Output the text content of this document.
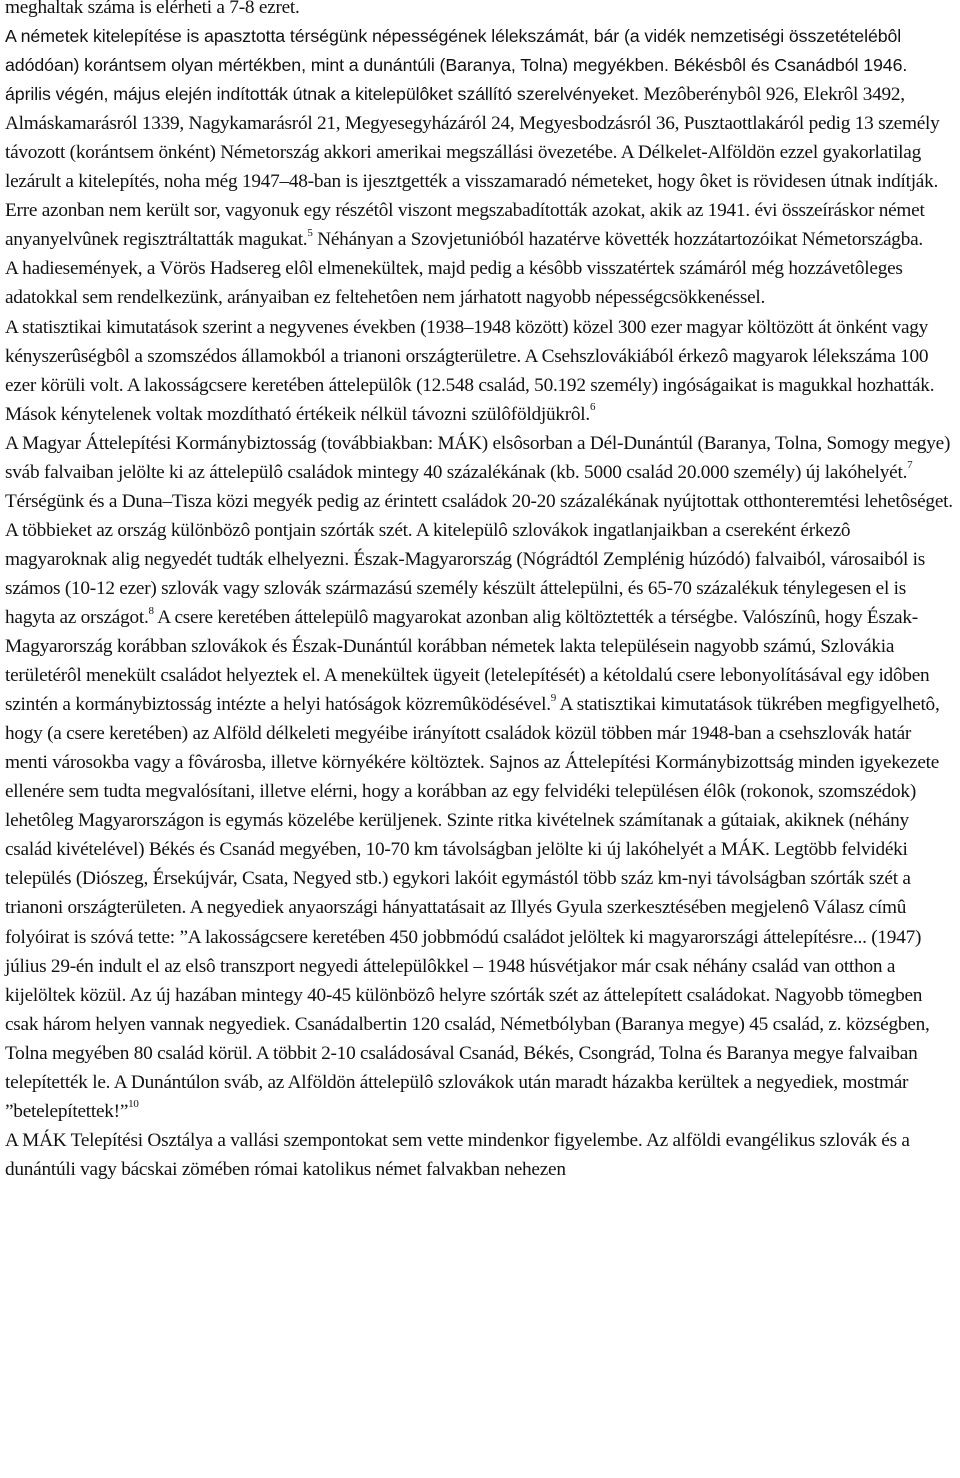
meghaltak száma is elérheti a 7-8 ezret.

A németek kitelepítése is apasztotta térségünk népességének lélekszámát, bár (a vidék nemzetiségi összetételébôl adódóan) korántsem olyan mértékben, mint a dunántúli (Baranya, Tolna) megyékben. Békésbôl és Csanádból 1946. április végén, május elején indították útnak a kitelepülôket szállító szerelvényeket. Mezôberénybôl 926, Elekrôl 3492, Almáskamarásról 1339, Nagykamarásról 21, Megyesegyházáról 24, Megyesbodzásról 36, Pusztaottlakáról pedig 13 személy távozott (korántsem önként) Németország akkori amerikai megszállási övezetébe. A Délkelet-Alföldön ezzel gyakorlatilag lezárult a kitelepítés, noha még 1947–48-ban is ijesztgették a visszamaradó németeket, hogy ôket is rövidesen útnak indítják. Erre azonban nem került sor, vagyonuk egy részétôl viszont megszabadították azokat, akik az 1941. évi összeíráskor német anyanyelvûnek regisztráltatták magukat.$^5$ Néhányan a Szovjetunióból hazatérve követték hozzátartozóikat Németországba.

A hadiesemények, a Vörös Hadsereg elôl elmenekültek, majd pedig a késôbb visszatértek számáról még hozzávetôleges adatokkal sem rendelkezünk, arányaiban ez feltehetôen nem járhatott nagyobb népességcsökkenéssel.

A statisztikai kimutatások szerint a negyvenes években (1938–1948 között) közel 300 ezer magyar költözött át önként vagy kényszerûségbôl a szomszédos államokból a trianoni országterületre. A Csehszlovákiából érkezô magyarok lélekszáma 100 ezer körüli volt. A lakosságcsere keretében áttelepülôk (12.548 család, 50.192 személy) ingóságaikat is magukkal hozhatták. Mások kénytelenek voltak mozdítható értékeik nélkül távozni szülôföldjükrôl.$^6$

A Magyar Áttelepítési Kormánybiztosság (továbbiakban: MÁK) elsôsorban a Dél-Dunántúl (Baranya, Tolna, Somogy megye) sváb falvaiban jelölte ki az áttelepülô családok mintegy 40 százalékának (kb. 5000 család 20.000 személy) új lakóhelyét.$^7$ Térségünk és a Duna–Tisza közi megyék pedig az érintett családok 20-20 százalékának nyújtottak otthonteremtési lehetôséget. A többieket az ország különbözô pontjain szórták szét. A kitelepülô szlovákok ingatlanjaikban a csereként érkezô magyaroknak alig negyedét tudták elhelyezni. Észak-Magyarország (Nógrádtól Zemplénig húzódó) falvaiból, városaiból is számos (10-12 ezer) szlovák vagy szlovák származású személy készült áttelepülni, és 65-70 százalékuk ténylegesen el is hagyta az országot.$^8$ A csere keretében áttelepülô magyarokat azonban alig költöztették a térségbe. Valószínû, hogy Észak-Magyarország korábban szlovákok és Észak-Dunántúl korábban németek lakta településein nagyobb számú, Szlovákia területérôl menekült családot helyeztek el. A menekültek ügyeit (letelepítését) a kétoldalú csere lebonyolításával egy idôben szintén a kormánybiztosság intézte a helyi hatóságok közremûködésével.$^9$ A statisztikai kimutatások tükrében megfigyelhetô, hogy (a csere keretében) az Alföld délkeleti megyéibe irányított családok közül többen már 1948-ban a csehszlovák határ menti városokba vagy a fôvárosba, illetve környékére költöztek. Sajnos az Áttelepítési Kormánybizottság minden igyekezete ellenére sem tudta megvalósítani, illetve elérni, hogy a korábban az egy felvidéki településen élôk (rokonok, szomszédok) lehetôleg Magyarországon is egymás közelébe kerüljenek. Szinte ritka kivételnek számítanak a gútaiak, akiknek (néhány család kivételével) Békés és Csanád megyében, 10-70 km távolságban jelölte ki új lakóhelyét a MÁK. Legtöbb felvidéki település (Diószeg, Érsekújvár, Csata, Negyed stb.) egykori lakóit egymástól több száz km-nyi távolságban szórták szét a trianoni országterületen. A negyediek anyaországi hányattatásait az Illyés Gyula szerkesztésében megjelenô Válasz címû folyóirat is szóvá tette: ”A lakosságcsere keretében 450 jobbmódú családot jelöltek ki magyarországi áttelepítésre... (1947) július 29-én indult el az elsô transzport negyedi áttelepülôkkel – 1948 húsvétjakor már csak néhány család van otthon a kijelöltek közül. Az új hazában mintegy 40-45 különbözô helyre szórták szét az áttelepített családokat. Nagyobb tömegben csak három helyen vannak negyediek. Csanádalbertin 120 család, Németbólyban (Baranya megye) 45 család, z. községben, Tolna megyében 80 család körül. A többit 2-10 családosával Csanád, Békés, Csongrád, Tolna és Baranya megye falvaiban telepítették le. A Dunántúlon sváb, az Alföldön áttelepülô szlovákok után maradt házakba kerültek a negyediek, mostmár ”betelepítettek!”$^{10}$

A MÁK Telepítési Osztálya a vallási szempontokat sem vette mindenkor figyelembe. Az alföldi evangélikus szlovák és a dunántúli vagy bácskai zömében római katolikus német falvakban nehezen
